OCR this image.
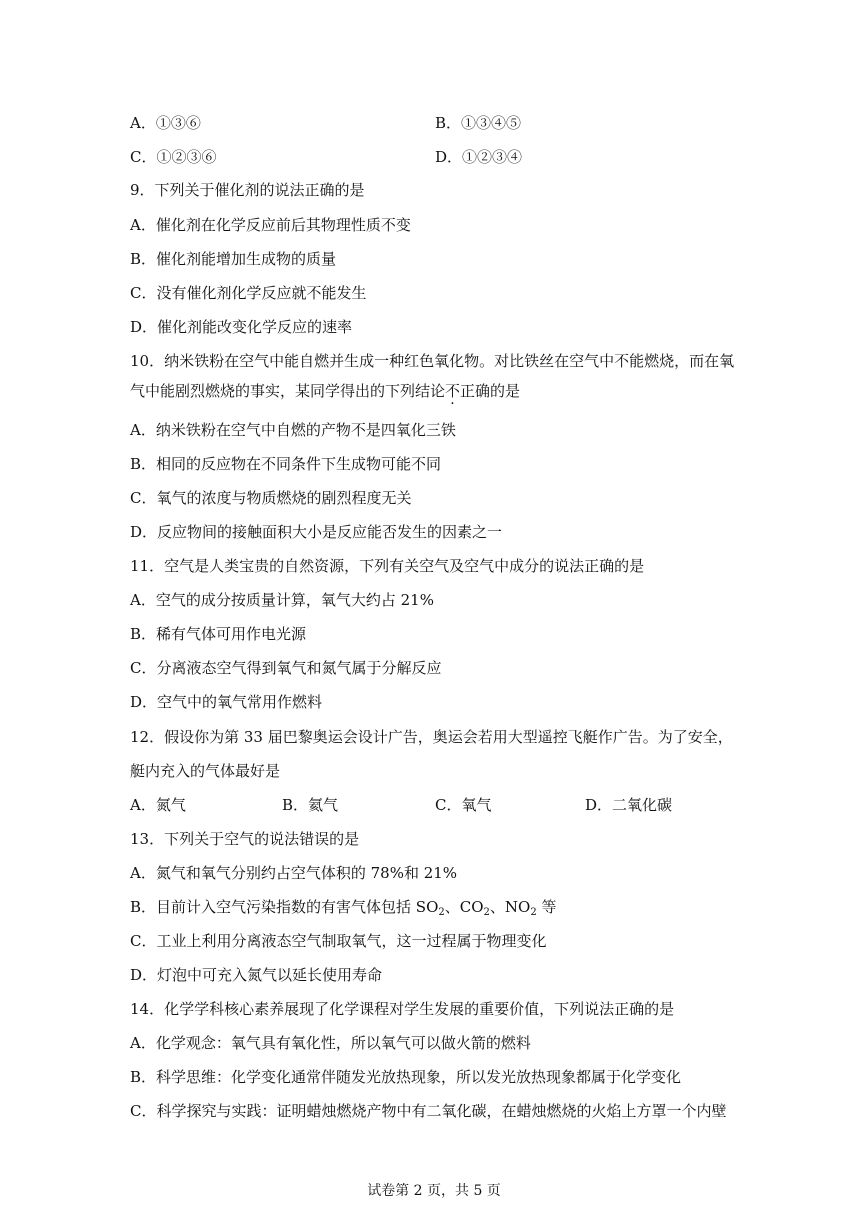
A．①③⑥	B．①③④⑤
C．①②③⑥	D．①②③④
9．下列关于催化剂的说法正确的是
A．催化剂在化学反应前后其物理性质不变
B．催化剂能增加生成物的质量
C．没有催化剂化学反应就不能发生
D．催化剂能改变化学反应的速率
10．纳米铁粉在空气中能自燃并生成一种红色氧化物。对比铁丝在空气中不能燃烧，而在氧
气中能剧烈燃烧的事实，某同学得出的下列结论不正确的是
A．纳米铁粉在空气中自燃的产物不是四氧化三铁
B．相同的反应物在不同条件下生成物可能不同
C．氧气的浓度与物质燃烧的剧烈程度无关
D．反应物间的接触面积大小是反应能否发生的因素之一
11．空气是人类宝贵的自然资源，下列有关空气及空气中成分的说法正确的是
A．空气的成分按质量计算，氧气大约占 21%
B．稀有气体可用作电光源
C．分离液态空气得到氧气和氮气属于分解反应
D．空气中的氧气常用作燃料
12．假设你为第 33 届巴黎奥运会设计广告，奥运会若用大型遥控飞艇作广告。为了安全，
艇内充入的气体最好是
A．氮气	B．氦气	C．氧气	D．二氧化碳
13．下列关于空气的说法错误的是
A．氮气和氧气分别约占空气体积的 78%和 21%
B．目前计入空气污染指数的有害气体包括 $SO_2$、$CO_2$、$NO_2$ 等
C．工业上利用分离液态空气制取氧气，这一过程属于物理变化
D．灯泡中可充入氮气以延长使用寿命
14．化学学科核心素养展现了化学课程对学生发展的重要价值，下列说法正确的是
A．化学观念：氧气具有氧化性，所以氧气可以做火箭的燃料
B．科学思维：化学变化通常伴随发光放热现象，所以发光放热现象都属于化学变化
C．科学探究与实践：证明蜡烛燃烧产物中有二氧化碳，在蜡烛燃烧的火焰上方罩一个内壁
试卷第 2 页，共 5 页
